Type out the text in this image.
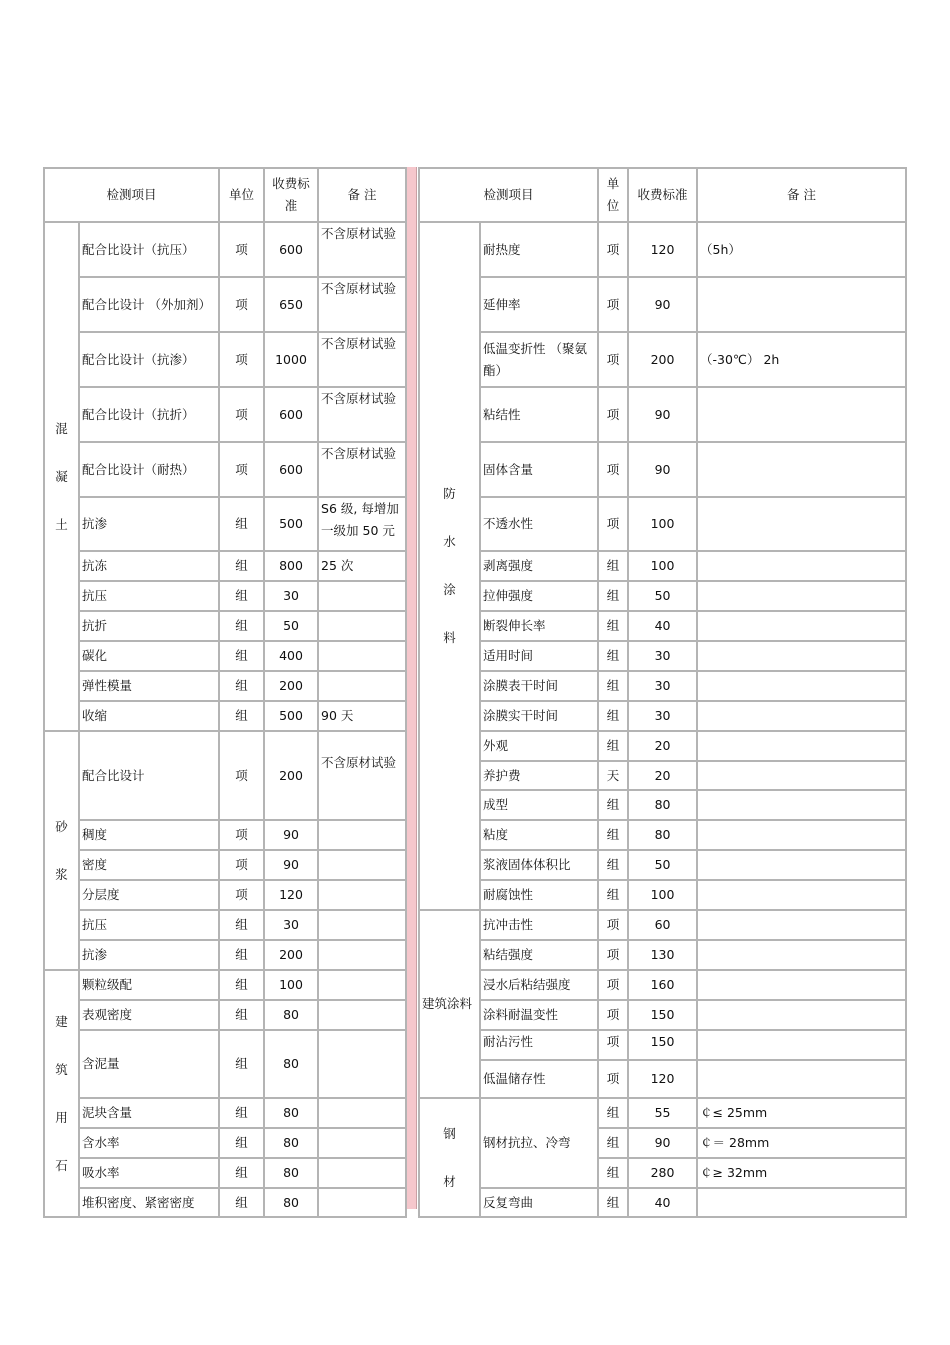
检测项目		单位	收费标准	备 注

混
凝
土	配合比设计（抗压）	项	600	不含原材试验
	配合比设计 （外加剂）	项	650	不含原材试验
	配合比设计（抗渗）	项	1000	不含原材试验
	配合比设计（抗折）	项	600	不含原材试验
	配合比设计（耐热）	项	600	不含原材试验
	抗渗	组	500	S6 级, 每增加一级加 50 元
	抗冻	组	800	25 次
	抗压	组	30	
	抗折	组	50	
	碳化	组	400	
	弹性模量	组	200	
	收缩	组	500	90 天

砂
浆	配合比设计	项	200	不含原材试验
	稠度	项	90	
	密度	项	90	
	分层度	项	120	
	抗压	组	30	
	抗渗	组	200	

建
筑
用
石	颗粒级配	组	100	
	表观密度	组	80	
	含泥量	组	80	
	泥块含量	组	80	
	含水率	组	80	
	吸水率	组	80	
	堆积密度、紧密密度	组	80	
检测项目		单位	收费标准	备 注

防
水
涂
料	耐热度	项	120	（5h）
	延伸率	项	90	
	低温变折性 （聚氨酯）	项	200	（-30℃） 2h
	粘结性	项	90	
	固体含量	项	90	
	不透水性	项	100	
	剥离强度	组	100	
	拉伸强度	组	50	
	断裂伸长率	组	40	
	适用时间	组	30	
	涂膜表干时间	组	30	
	涂膜实干时间	组	30	
	外观	组	20	
	养护费	天	20	
	成型	组	80	
	粘度	组	80	
	浆液固体体积比	组	50	
	耐腐蚀性	组	100	
建筑涂料	抗冲击性	项	60	
	粘结强度	项	130	
	浸水后粘结强度	项	160	
	涂料耐温变性	项	150	
	耐沾污性	项	150	
	低温储存性	项	120	

钢
材	钢材抗拉、冷弯	组	55	￠≤ 25mm
		组	90	￠＝ 28mm
		组	280	￠≥ 32mm
	反复弯曲	组	40	
